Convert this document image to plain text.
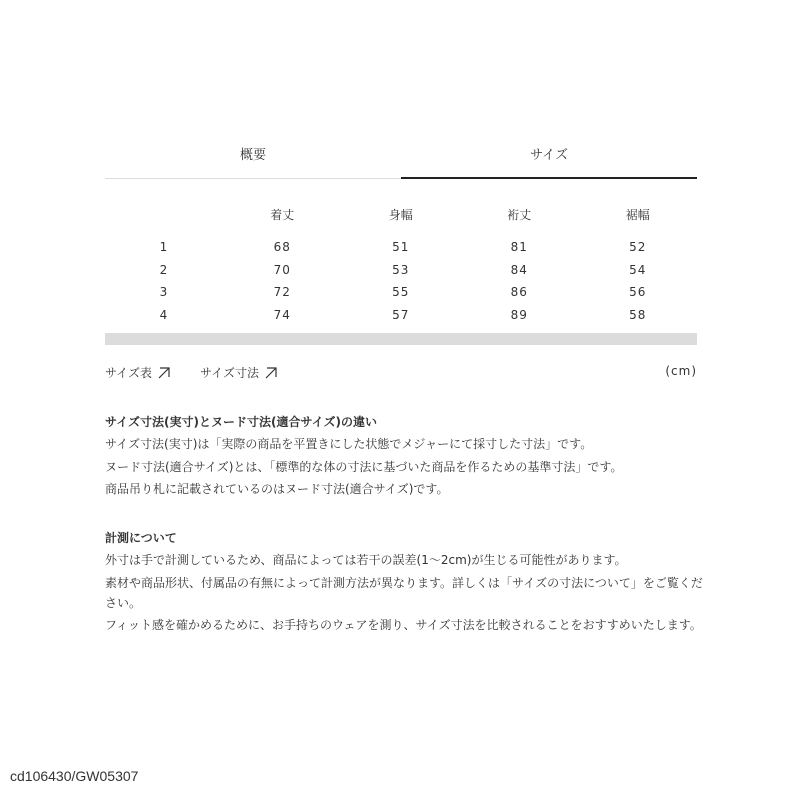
概要	サイズ
	着丈	身幅	裄丈	裾幅

1	68	51	81	52
2	70	53	84	54
3	72	55	86	56
4	74	57	89	58
サイズ表	サイズ寸法	(cm)

サイズ寸法(実寸)とヌード寸法(適合サイズ)の違い

サイズ寸法(実寸)は「実際の商品を平置きにした状態でメジャーにて採寸した寸法」です。

ヌード寸法(適合サイズ)とは、「標準的な体の寸法に基づいた商品を作るための基準寸法」です。

商品吊り札に記載されているのはヌード寸法(適合サイズ)です。

計測について

外寸は手で計測しているため、商品によっては若干の誤差(1〜2cm)が生じる可能性があります。

素材や商品形状、付属品の有無によって計測方法が異なります。詳しくは「サイズの寸法について」をご覧ください。

フィット感を確かめるために、お手持ちのウェアを測り、サイズ寸法を比較されることをおすすめいたします。

cd106430/GW05307
